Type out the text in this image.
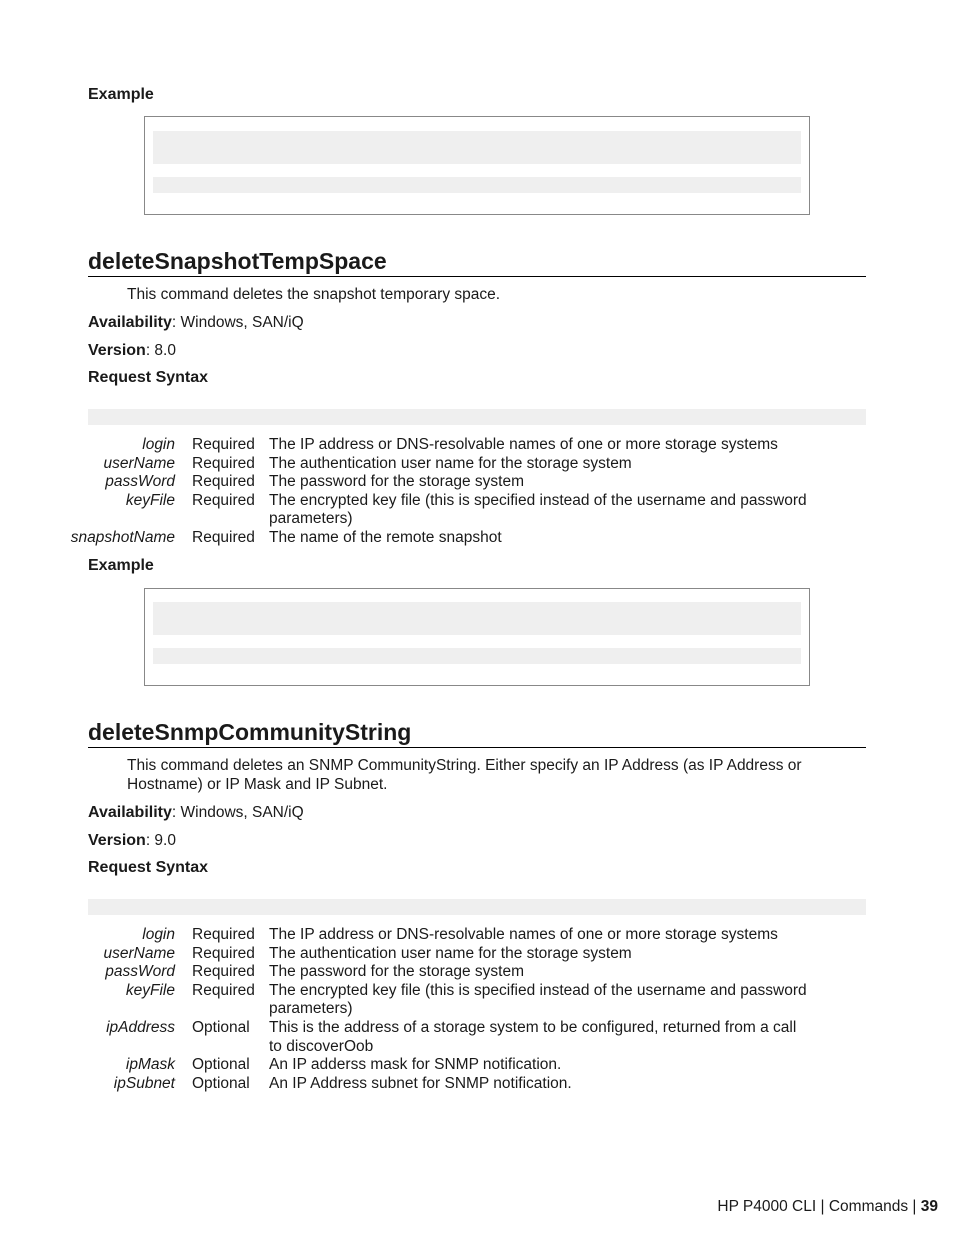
Example
deleteSnapshotTempSpace
This command deletes the snapshot temporary space.
Availability: Windows, SAN/iQ
Version: 8.0
Request Syntax
login	Required	The IP address or DNS-resolvable names of one or more storage systems
userName	Required	The authentication user name for the storage system
passWord	Required	The password for the storage system
keyFile	Required	The encrypted key file (this is specified instead of the username and password parameters)
snapshotName	Required	The name of the remote snapshot
Example
deleteSnmpCommunityString
This command deletes an SNMP CommunityString. Either specify an IP Address (as IP Address or Hostname) or IP Mask and IP Subnet.
Availability: Windows, SAN/iQ
Version: 9.0
Request Syntax
login	Required	The IP address or DNS-resolvable names of one or more storage systems
userName	Required	The authentication user name for the storage system
passWord	Required	The password for the storage system
keyFile	Required	The encrypted key file (this is specified instead of the username and password parameters)
ipAddress	Optional	This is the address of a storage system to be configured, returned from a call to discoverOob
ipMask	Optional	An IP adderss mask for SNMP notification.
ipSubnet	Optional	An IP Address subnet for SNMP notification.
HP P4000 CLI | Commands | 39
